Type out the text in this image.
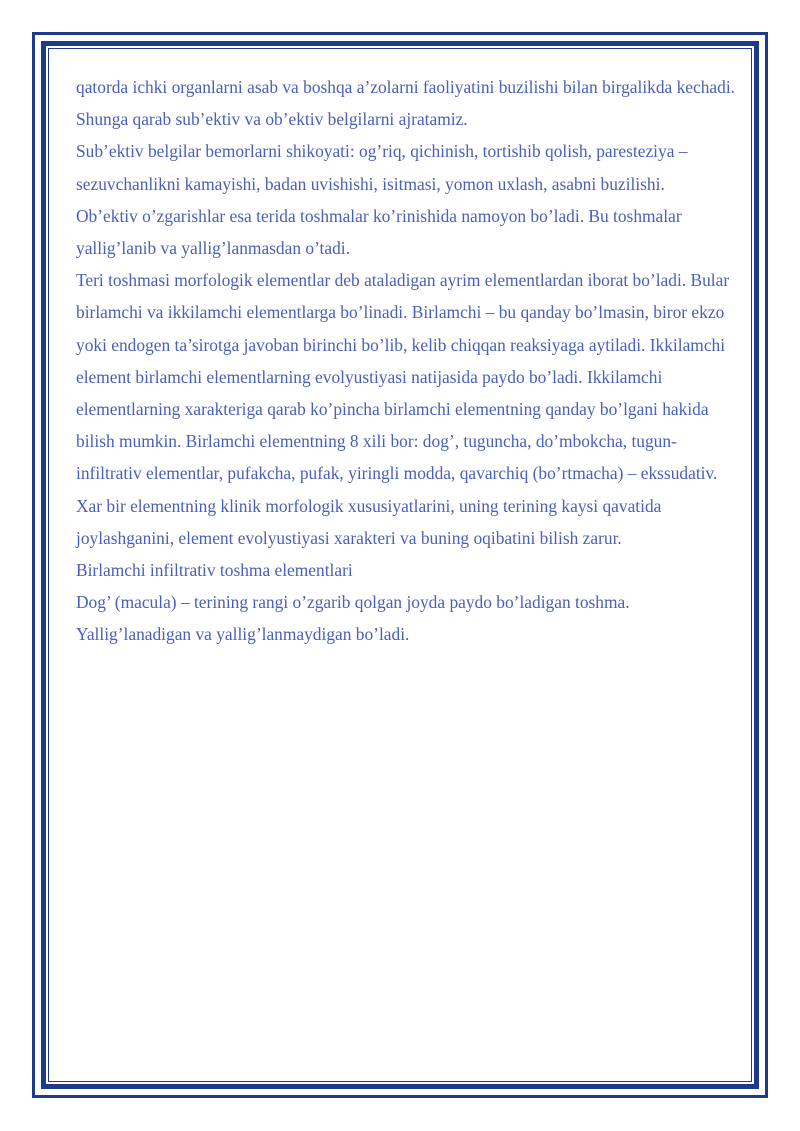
qatorda ichki organlarni asab va boshqa a’zolarni faoliyatini buzilishi bilan birgalikda kechadi. Shunga qarab sub’ektiv va ob’ektiv belgilarni ajratamiz.

Sub’ektiv belgilar bemorlarni shikoyati: og’riq, qichinish, tortishib qolish, paresteziya – sezuvchanlikni kamayishi, badan uvishishi, isitmasi, yomon uxlash, asabni buzilishi.

Ob’ektiv o’zgarishlar esa terida toshmalar ko’rinishida namoyon bo’ladi. Bu toshmalar yallig’lanib va yallig’lanmasdan o’tadi.

Teri toshmasi morfologik elementlar deb ataladigan ayrim elementlardan iborat bo’ladi. Bular birlamchi va ikkilamchi elementlarga bo’linadi. Birlamchi – bu qanday bo’lmasin, biror ekzo yoki endogen ta’sirotga javoban birinchi bo’lib, kelib chiqqan reaksiyaga aytiladi. Ikkilamchi element birlamchi elementlarning evolyustiyasi natijasida paydo bo’ladi. Ikkilamchi elementlarning xarakteriga qarab ko’pincha birlamchi elementning qanday bo’lgani hakida bilish mumkin. Birlamchi elementning 8 xili bor: dog’, tuguncha, do’mbokcha, tugun-infiltrativ elementlar, pufakcha, pufak, yiringli modda, qavarchiq (bo’rtmacha) – ekssudativ.

Xar bir elementning klinik morfologik xususiyatlarini, uning terining kaysi qavatida joylashganini, element evolyustiyasi xarakteri va buning oqibatini bilish zarur.

Birlamchi infiltrativ toshma elementlari

Dog’ (macula) – terining rangi o’zgarib qolgan joyda paydo bo’ladigan toshma. Yallig’lanadigan va yallig’lanmaydigan bo’ladi.
